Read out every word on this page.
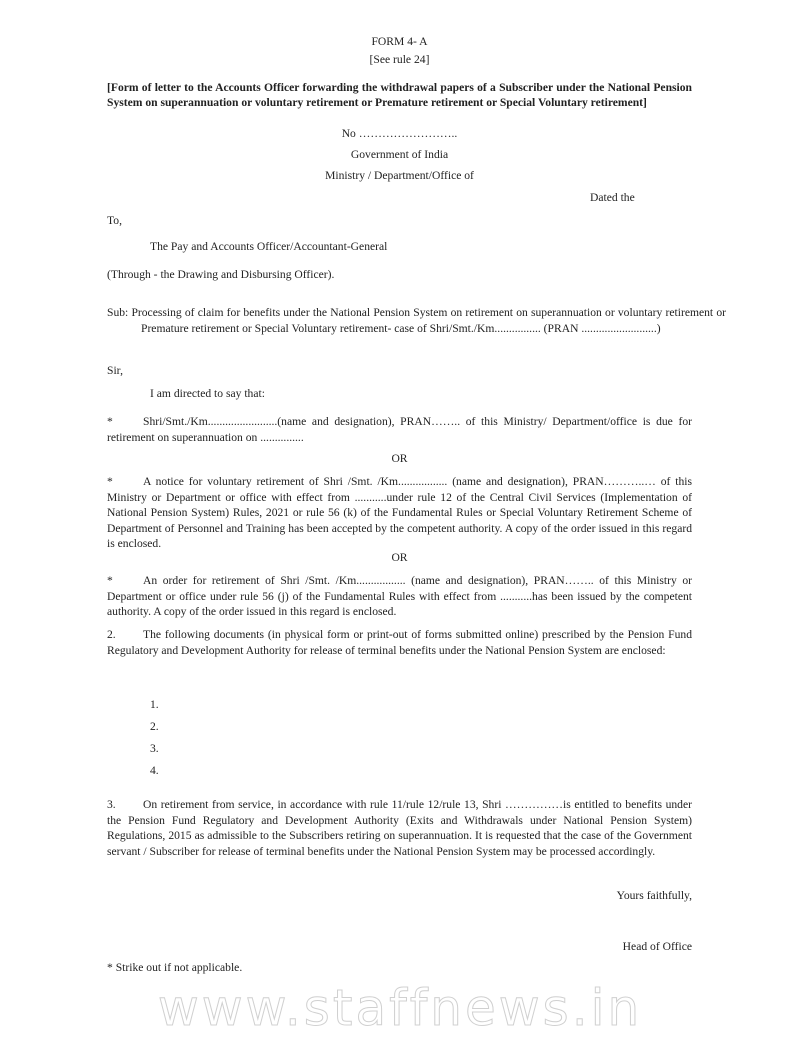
FORM 4- A
[See rule 24]
[Form of letter to the Accounts Officer forwarding the withdrawal papers of a Subscriber under the National Pension System on superannuation or voluntary retirement or Premature retirement or Special Voluntary retirement]
No ……………………..
Government of India
Ministry / Department/Office of
Dated the
To,
The Pay and Accounts Officer/Accountant-General
(Through - the Drawing and Disbursing Officer).
Sub: Processing of claim for benefits under the National Pension System on retirement on superannuation or voluntary retirement or Premature retirement or Special Voluntary retirement- case of Shri/Smt./Km................ (PRAN ..........................)
Sir,
I am directed to say that:
*	Shri/Smt./Km........................(name and designation), PRAN…….. of this Ministry/ Department/office is due for retirement on superannuation on ...............
OR
*	A notice for voluntary retirement of Shri /Smt. /Km................. (name and designation), PRAN………..… of this Ministry or Department or office with effect from ...........under rule 12 of the Central Civil Services (Implementation of National Pension System) Rules, 2021 or rule 56 (k) of the Fundamental Rules or Special Voluntary Retirement Scheme of Department of Personnel and Training has been accepted by the competent authority. A copy of the order issued in this regard is enclosed.
OR
*	An order for retirement of Shri /Smt. /Km................. (name and designation), PRAN…….. of this Ministry or Department or office under rule 56 (j) of the Fundamental Rules with effect from ...........has been issued by the competent authority. A copy of the order issued in this regard is enclosed.
2. The following documents (in physical form or print-out of forms submitted online) prescribed by the Pension Fund Regulatory and Development Authority for release of terminal benefits under the National Pension System are enclosed:
1.
2.
3.
4.
3. On retirement from service, in accordance with rule 11/rule 12/rule 13, Shri ……………is entitled to benefits under the Pension Fund Regulatory and Development Authority (Exits and Withdrawals under National Pension System) Regulations, 2015 as admissible to the Subscribers retiring on superannuation. It is requested that the case of the Government servant / Subscriber for release of terminal benefits under the National Pension System may be processed accordingly.
Yours faithfully,
Head of Office
* Strike out if not applicable.
www.staffnews.in
